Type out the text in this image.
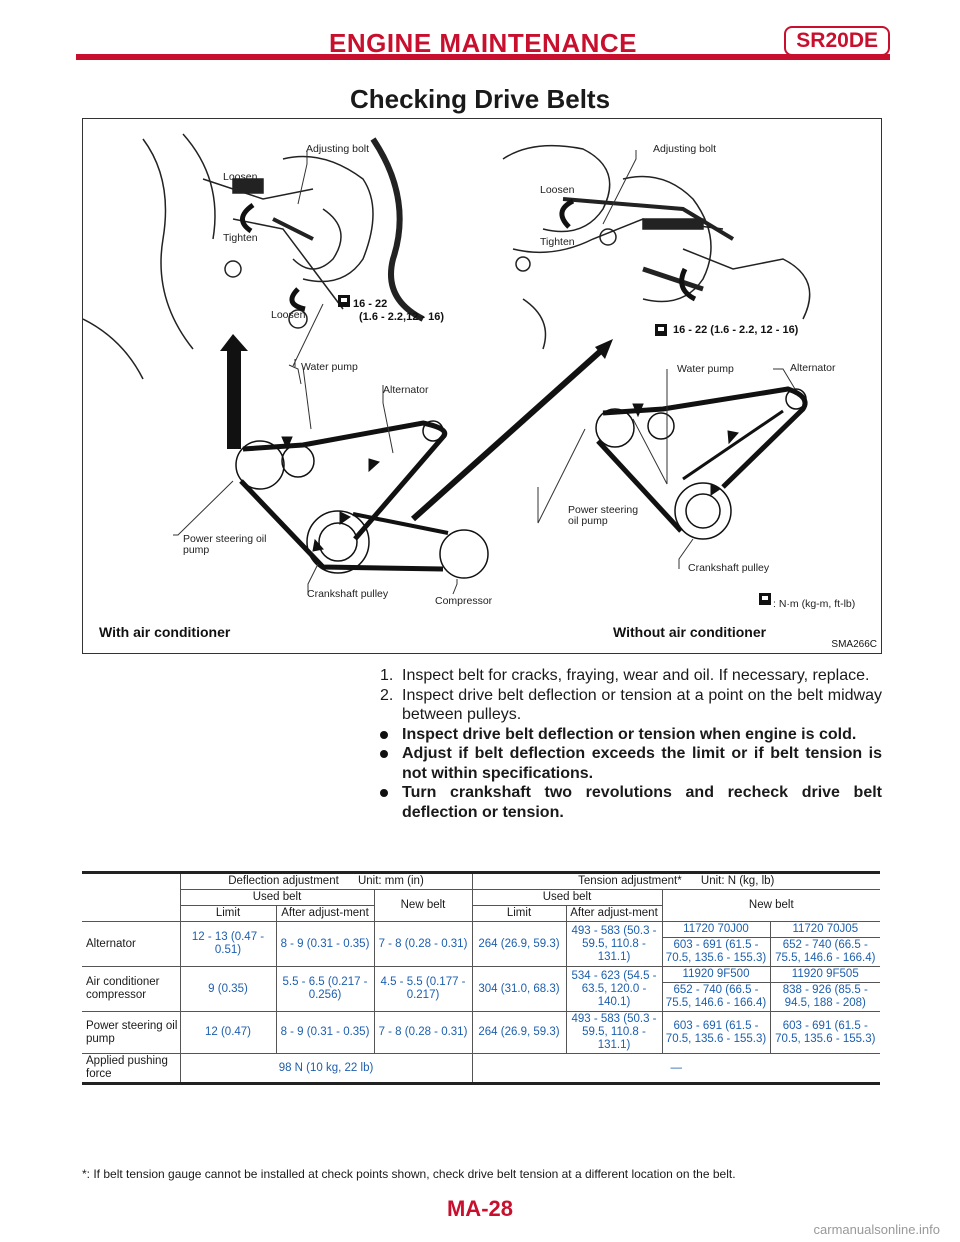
ENGINE MAINTENANCE	SR20DE
Checking Drive Belts
Adjusting bolt
Loosen
Tighten
Loosen
16 - 22
(1.6 - 2.2,12 - 16)
Water pump
Alternator
Power steering oil
pump
Crankshaft pulley
Compressor
With air conditioner
Adjusting bolt
Loosen
Tighten
16 - 22 (1.6 - 2.2, 12 - 16)
Water pump	Alternator
Power steering
oil pump
Crankshaft pulley
: N·m (kg-m, ft-lb)
Without air conditioner
SMA266C
1. Inspect belt for cracks, fraying, wear and oil. If necessary, replace.
2. Inspect drive belt deflection or tension at a point on the belt midway between pulleys.
Inspect drive belt deflection or tension when engine is cold.
Adjust if belt deflection exceeds the limit or if belt tension is not within specifications.
Turn crankshaft two revolutions and recheck drive belt deflection or tension.
	Deflection adjustment Unit: mm (in)			Tension adjustment* Unit: N (kg, lb)			
	Used belt		New belt	Used belt		New belt	
	Limit	After adjust-ment		Limit	After adjust-ment		
Alternator	12 - 13 (0.47 - 0.51)	8 - 9 (0.31 - 0.35)	7 - 8 (0.28 - 0.31)	264 (26.9, 59.3)	493 - 583 (50.3 - 59.5, 110.8 - 131.1)	11720 70J00	11720 70J05
						603 - 691 (61.5 - 70.5, 135.6 - 155.3)	652 - 740 (66.5 - 75.5, 146.6 - 166.4)
Air conditioner compressor	9 (0.35)	5.5 - 6.5 (0.217 - 0.256)	4.5 - 5.5 (0.177 - 0.217)	304 (31.0, 68.3)	534 - 623 (54.5 - 63.5, 120.0 - 140.1)	11920 9F500	11920 9F505
						652 - 740 (66.5 - 75.5, 146.6 - 166.4)	838 - 926 (85.5 - 94.5, 188 - 208)
Power steering oil pump	12 (0.47)	8 - 9 (0.31 - 0.35)	7 - 8 (0.28 - 0.31)	264 (26.9, 59.3)	493 - 583 (50.3 - 59.5, 110.8 - 131.1)	603 - 691 (61.5 - 70.5, 135.6 - 155.3)	603 - 691 (61.5 - 70.5, 135.6 - 155.3)
Applied pushing force	98 N (10 kg, 22 lb)			—			
*: If belt tension gauge cannot be installed at check points shown, check drive belt tension at a different location on the belt.
MA-28
carmanualsonline.info
